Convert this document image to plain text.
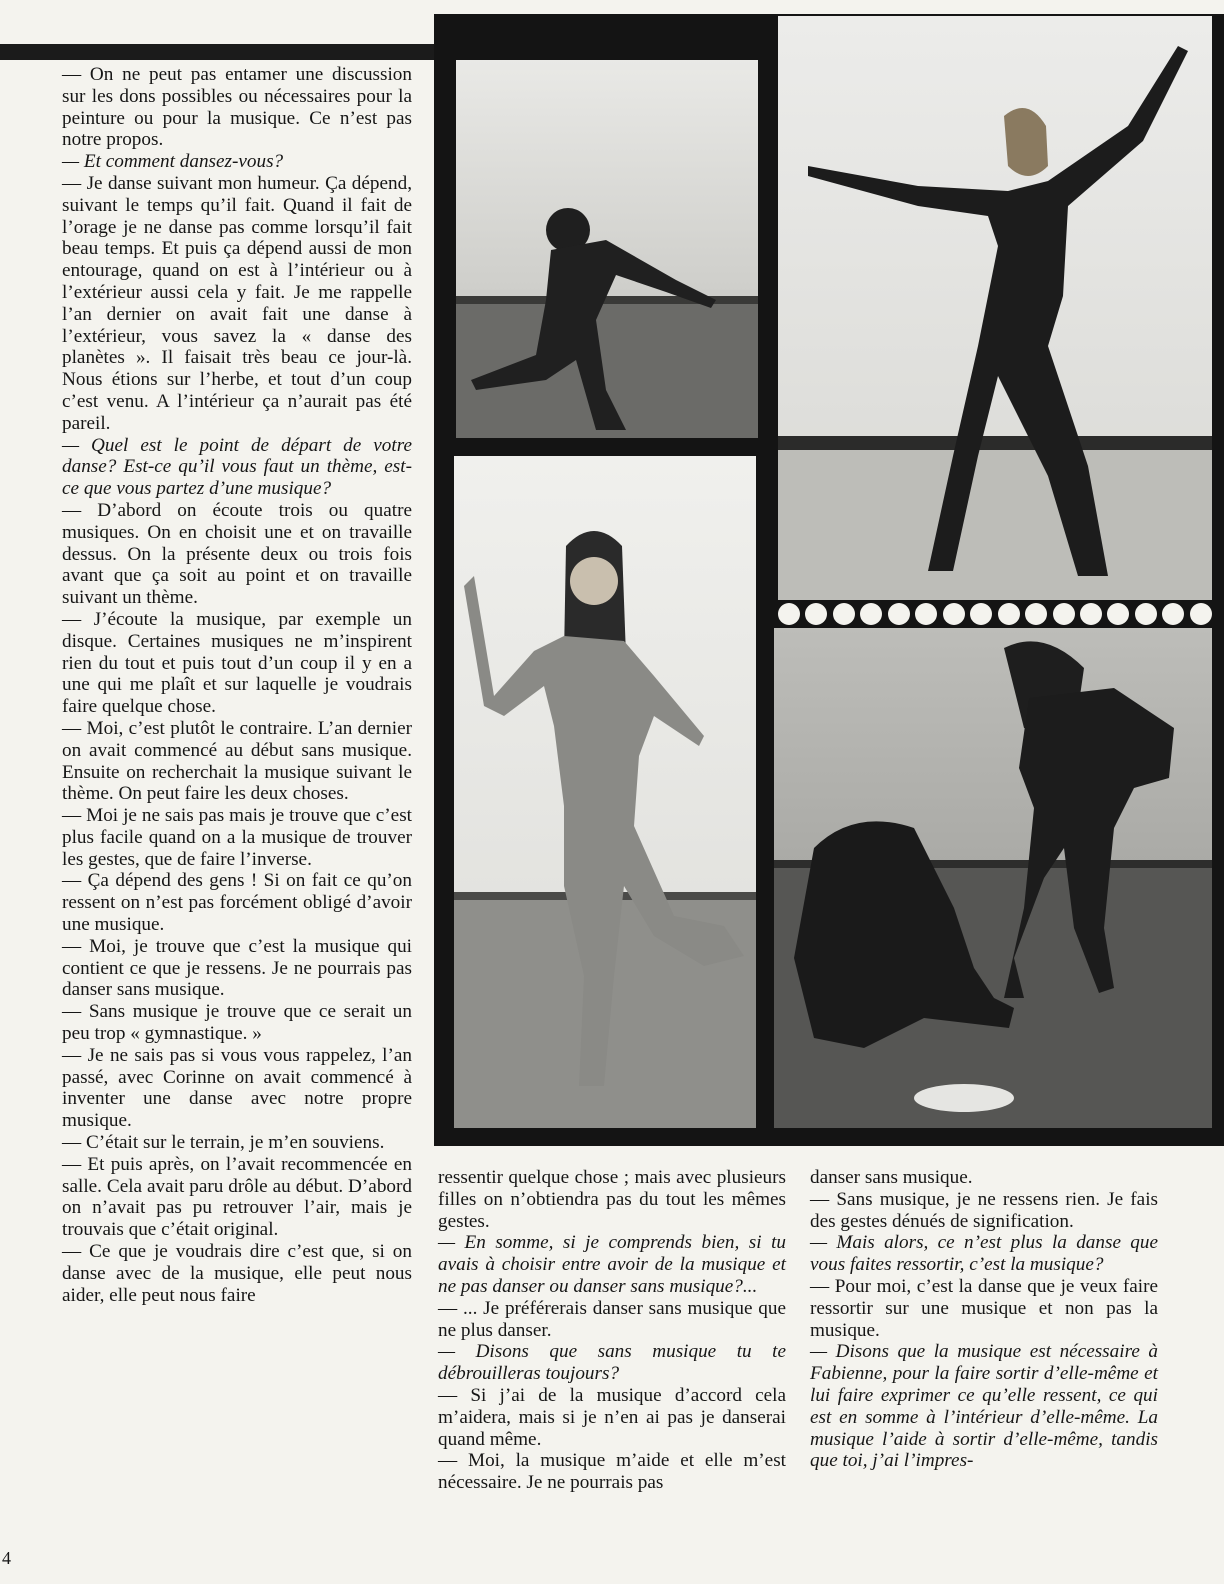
— On ne peut pas entamer une discussion sur les dons possibles ou nécessaires pour la peinture ou pour la musique. Ce n’est pas notre propos.

— Et comment dansez-vous?

— Je danse suivant mon humeur. Ça dépend, suivant le temps qu’il fait. Quand il fait de l’orage je ne danse pas comme lorsqu’il fait beau temps. Et puis ça dépend aussi de mon entourage, quand on est à l’intérieur ou à l’extérieur aussi cela y fait. Je me rappelle l’an dernier on avait fait une danse à l’extérieur, vous savez la « danse des planètes ». Il faisait très beau ce jour-là. Nous étions sur l’herbe, et tout d’un coup c’est venu. A l’intérieur ça n’aurait pas été pareil.

— Quel est le point de départ de votre danse? Est-ce qu’il vous faut un thème, est-ce que vous partez d’une musique?

— D’abord on écoute trois ou quatre musiques. On en choisit une et on travaille dessus. On la présente deux ou trois fois avant que ça soit au point et on travaille suivant un thème.

— J’écoute la musique, par exemple un disque. Certaines musiques ne m’inspirent rien du tout et puis tout d’un coup il y en a une qui me plaît et sur laquelle je voudrais faire quelque chose.

— Moi, c’est plutôt le contraire. L’an dernier on avait commencé au début sans musique. Ensuite on recherchait la musique suivant le thème. On peut faire les deux choses.

— Moi je ne sais pas mais je trouve que c’est plus facile quand on a la musique de trouver les gestes, que de faire l’inverse.

— Ça dépend des gens ! Si on fait ce qu’on ressent on n’est pas forcément obligé d’avoir une musique.

— Moi, je trouve que c’est la musique qui contient ce que je ressens. Je ne pourrais pas danser sans musique.

— Sans musique je trouve que ce serait un peu trop « gymnastique. »

— Je ne sais pas si vous vous rappelez, l’an passé, avec Corinne on avait commencé à inventer une danse avec notre propre musique.

— C’était sur le terrain, je m’en souviens.

— Et puis après, on l’avait recommencée en salle. Cela avait paru drôle au début. D’abord on n’avait pas pu retrouver l’air, mais je trouvais que c’était original.

— Ce que je voudrais dire c’est que, si on danse avec de la musique, elle peut nous aider, elle peut nous faire

ressentir quelque chose ; mais avec plusieurs filles on n’obtiendra pas du tout les mêmes gestes.

— En somme, si je comprends bien, si tu avais à choisir entre avoir de la musique et ne pas danser ou danser sans musique?...

— ... Je préférerais danser sans musique que ne plus danser.

— Disons que sans musique tu te débrouilleras toujours?

— Si j’ai de la musique d’accord cela m’aidera, mais si je n’en ai pas je danserai quand même.

— Moi, la musique m’aide et elle m’est nécessaire. Je ne pourrais pas

danser sans musique.

— Sans musique, je ne ressens rien. Je fais des gestes dénués de signification.

— Mais alors, ce n’est plus la danse que vous faites ressortir, c’est la musique?

— Pour moi, c’est la danse que je veux faire ressortir sur une musique et non pas la musique.

— Disons que la musique est nécessaire à Fabienne, pour la faire sortir d’elle-même et lui faire exprimer ce qu’elle ressent, ce qui est en somme à l’intérieur d’elle-même. La musique l’aide à sortir d’elle-même, tandis que toi, j’ai l’impres-

4
